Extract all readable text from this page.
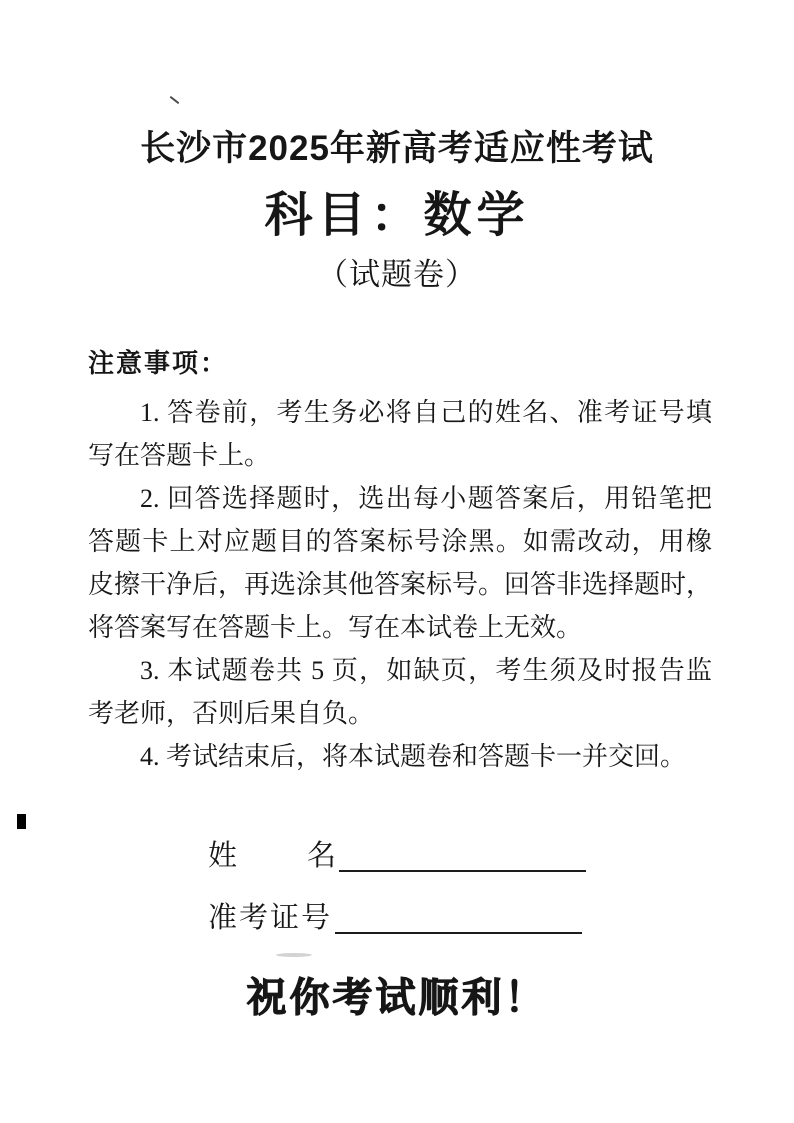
长沙市2025年新高考适应性考试
科目：数学
（试题卷）
注意事项：
1. 答卷前，考生务必将自己的姓名、准考证号填
写在答题卡上。
2. 回答选择题时，选出每小题答案后，用铅笔把
答题卡上对应题目的答案标号涂黑。如需改动，用橡
皮擦干净后，再选涂其他答案标号。回答非选择题时，
将答案写在答题卡上。写在本试卷上无效。
3. 本试题卷共 5 页，如缺页，考生须及时报告监
考老师，否则后果自负。
4. 考试结束后，将本试题卷和答题卡一并交回。
姓 名
准考证号
祝你考试顺利！
